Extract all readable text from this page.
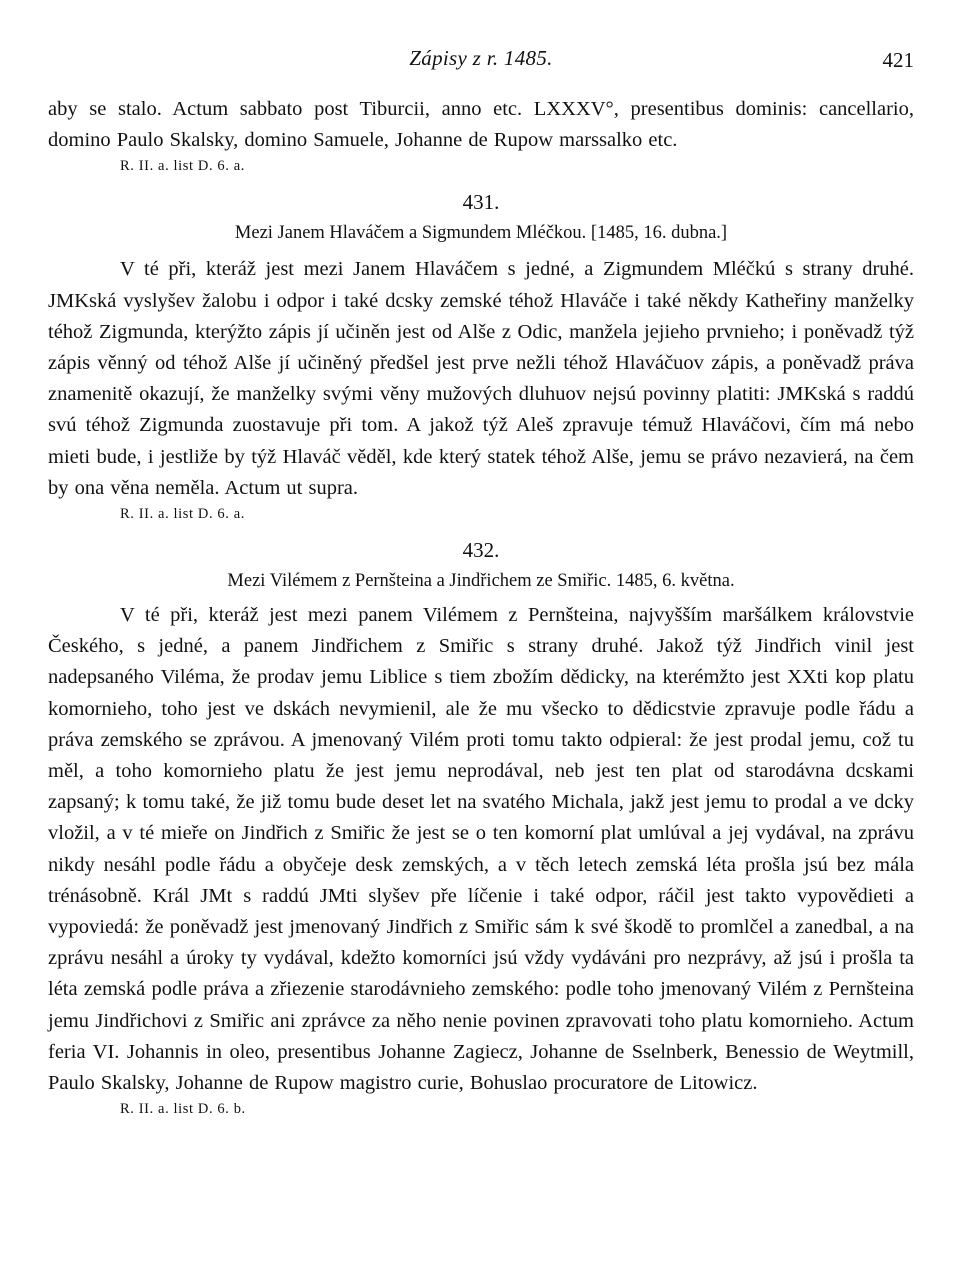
Zápisy z r. 1485.	421

aby se stalo. Actum sabbato post Tiburcii, anno etc. LXXXV°, presentibus dominis: cancellario, domino Paulo Skalsky, domino Samuele, Johanne de Rupow marssalko etc.

R. II. a. list D. 6. a.

431.
Mezi Janem Hlaváčem a Sigmundem Mléčkou. [1485, 16. dubna.]

V té při, kteráž jest mezi Janem Hlaváčem s jedné, a Zigmundem Mléčkú s strany druhé. JMKská vyslyšev žalobu i odpor i také dcsky zemské téhož Hlaváče i také někdy Katheřiny manželky téhož Zigmunda, kterýžto zápis jí učiněn jest od Alše z Odic, manžela jejieho prvnieho; i poněvadž týž zápis věnný od téhož Alše jí učiněný předšel jest prve nežli téhož Hlaváčuov zápis, a poněvadž práva znamenitě okazují, že manželky svými věny mužových dluhuov nejsú povinny platiti: JMKská s raddú svú téhož Zigmunda zuostavuje při tom. A jakož týž Aleš zpravuje témuž Hlaváčovi, čím má nebo mieti bude, i jestliže by týž Hlaváč věděl, kde který statek téhož Alše, jemu se právo nezavierá, na čem by ona věna neměla. Actum ut supra.

R. II. a. list D. 6. a.

432.
Mezi Vilémem z Pernšteina a Jindřichem ze Smiřic. 1485, 6. května.

V té při, kteráž jest mezi panem Vilémem z Pernšteina, najvyšším maršálkem královstvie Českého, s jedné, a panem Jindřichem z Smiřic s strany druhé. Jakož týž Jindřich vinil jest nadepsaného Viléma, že prodav jemu Liblice s tiem zbožím dědicky, na kterémžto jest XXti kop platu komornieho, toho jest ve dskách nevymienil, ale že mu všecko to dědicstvie zpravuje podle řádu a práva zemského se zprávou. A jmenovaný Vilém proti tomu takto odpieral: že jest prodal jemu, což tu měl, a toho komornieho platu že jest jemu neprodával, neb jest ten plat od starodávna dcskami zapsaný; k tomu také, že již tomu bude deset let na svatého Michala, jakž jest jemu to prodal a ve dcky vložil, a v té mieře on Jindřich z Smiřic že jest se o ten komorní plat umlúval a jej vydával, na zprávu nikdy nesáhl podle řádu a obyčeje desk zemských, a v těch letech zemská léta prošla jsú bez mála trénásobně. Král JMt s raddú JMti slyšev pře líčenie i také odpor, ráčil jest takto vypovědieti a vypoviedá: že poněvadž jest jmenovaný Jindřich z Smiřic sám k své škodě to promlčel a zanedbal, a na zprávu nesáhl a úroky ty vydával, kdežto komorníci jsú vždy vydáváni pro nezprávy, až jsú i prošla ta léta zemská podle práva a zřiezenie starodávnieho zemského: podle toho jmenovaný Vilém z Pernšteina jemu Jindřichovi z Smiřic ani zprávce za něho nenie povinen zpravovati toho platu komornieho. Actum feria VI. Johannis in oleo, presentibus Johanne Zagiecz, Johanne de Sselnberk, Benessio de Weytmill, Paulo Skalsky, Johanne de Rupow magistro curie, Bohuslao procuratore de Litowicz.

R. II. a. list D. 6. b.
